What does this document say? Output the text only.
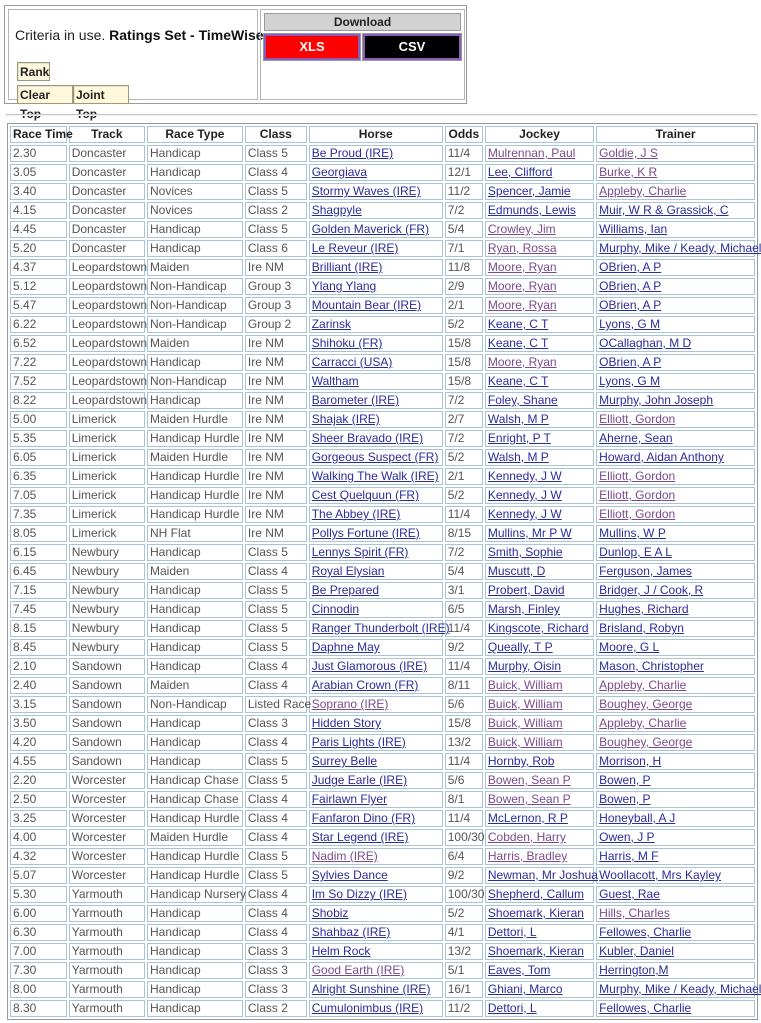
Criteria in use. Ratings Set - TimeWise
Rank
Clear Top
Joint Top
Download
XLS	CSV
Race Time	Track	Race Type	Class	Horse	Odds	Jockey	Trainer
2.30	Doncaster	Handicap	Class 5	Be Proud (IRE)	11/4	Mulrennan, Paul	Goldie, J S
3.05	Doncaster	Handicap	Class 4	Georgiava	12/1	Lee, Clifford	Burke, K R
3.40	Doncaster	Novices	Class 5	Stormy Waves (IRE)	11/2	Spencer, Jamie	Appleby, Charlie
4.15	Doncaster	Novices	Class 2	Shagpyle	7/2	Edmunds, Lewis	Muir, W R & Grassick, C
4.45	Doncaster	Handicap	Class 5	Golden Maverick (FR)	5/4	Crowley, Jim	Williams, Ian
5.20	Doncaster	Handicap	Class 6	Le Reveur (IRE)	7/1	Ryan, Rossa	Murphy, Mike / Keady, Michael
4.37	Leopardstown	Maiden	Ire NM	Brilliant (IRE)	11/8	Moore, Ryan	OBrien, A P
5.12	Leopardstown	Non-Handicap	Group 3	Ylang Ylang	2/9	Moore, Ryan	OBrien, A P
5.47	Leopardstown	Non-Handicap	Group 3	Mountain Bear (IRE)	2/1	Moore, Ryan	OBrien, A P
6.22	Leopardstown	Non-Handicap	Group 2	Zarinsk	5/2	Keane, C T	Lyons, G M
6.52	Leopardstown	Maiden	Ire NM	Shihoku (FR)	15/8	Keane, C T	OCallaghan, M D
7.22	Leopardstown	Handicap	Ire NM	Carracci (USA)	15/8	Moore, Ryan	OBrien, A P
7.52	Leopardstown	Non-Handicap	Ire NM	Waltham	15/8	Keane, C T	Lyons, G M
8.22	Leopardstown	Handicap	Ire NM	Barometer (IRE)	7/2	Foley, Shane	Murphy, John Joseph
5.00	Limerick	Maiden Hurdle	Ire NM	Shajak (IRE)	2/7	Walsh, M P	Elliott, Gordon
5.35	Limerick	Handicap Hurdle	Ire NM	Sheer Bravado (IRE)	7/2	Enright, P T	Aherne, Sean
6.05	Limerick	Maiden Hurdle	Ire NM	Gorgeous Suspect (FR)	5/2	Walsh, M P	Howard, Aidan Anthony
6.35	Limerick	Handicap Hurdle	Ire NM	Walking The Walk (IRE)	2/1	Kennedy, J W	Elliott, Gordon
7.05	Limerick	Handicap Hurdle	Ire NM	Cest Quelquun (FR)	5/2	Kennedy, J W	Elliott, Gordon
7.35	Limerick	Handicap Hurdle	Ire NM	The Abbey (IRE)	11/4	Kennedy, J W	Elliott, Gordon
8.05	Limerick	NH Flat	Ire NM	Pollys Fortune (IRE)	8/15	Mullins, Mr P W	Mullins, W P
6.15	Newbury	Handicap	Class 5	Lennys Spirit (FR)	7/2	Smith, Sophie	Dunlop, E A L
6.45	Newbury	Maiden	Class 4	Royal Elysian	5/4	Muscutt, D	Ferguson, James
7.15	Newbury	Handicap	Class 5	Be Prepared	3/1	Probert, David	Bridger, J / Cook, R
7.45	Newbury	Handicap	Class 5	Cinnodin	6/5	Marsh, Finley	Hughes, Richard
8.15	Newbury	Handicap	Class 5	Ranger Thunderbolt (IRE)	11/4	Kingscote, Richard	Brisland, Robyn
8.45	Newbury	Handicap	Class 5	Daphne May	9/2	Queally, T P	Moore, G L
2.10	Sandown	Handicap	Class 4	Just Glamorous (IRE)	11/4	Murphy, Oisin	Mason, Christopher
2.40	Sandown	Maiden	Class 4	Arabian Crown (FR)	8/11	Buick, William	Appleby, Charlie
3.15	Sandown	Non-Handicap	Listed Race	Soprano (IRE)	5/6	Buick, William	Boughey, George
3.50	Sandown	Handicap	Class 3	Hidden Story	15/8	Buick, William	Appleby, Charlie
4.20	Sandown	Handicap	Class 4	Paris Lights (IRE)	13/2	Buick, William	Boughey, George
4.55	Sandown	Handicap	Class 5	Surrey Belle	11/4	Hornby, Rob	Morrison, H
2.20	Worcester	Handicap Chase	Class 5	Judge Earle (IRE)	5/6	Bowen, Sean P	Bowen, P
2.50	Worcester	Handicap Chase	Class 4	Fairlawn Flyer	8/1	Bowen, Sean P	Bowen, P
3.25	Worcester	Handicap Hurdle	Class 4	Fanfaron Dino (FR)	11/4	McLernon, R P	Honeyball, A J
4.00	Worcester	Maiden Hurdle	Class 4	Star Legend (IRE)	100/30	Cobden, Harry	Owen, J P
4.32	Worcester	Handicap Hurdle	Class 5	Nadim (IRE)	6/4	Harris, Bradley	Harris, M F
5.07	Worcester	Handicap Hurdle	Class 5	Sylvies Dance	9/2	Newman, Mr Joshua	Woollacott, Mrs Kayley
5.30	Yarmouth	Handicap Nursery	Class 4	Im So Dizzy (IRE)	100/30	Shepherd, Callum	Guest, Rae
6.00	Yarmouth	Handicap	Class 4	Shobiz	5/2	Shoemark, Kieran	Hills, Charles
6.30	Yarmouth	Handicap	Class 4	Shahbaz (IRE)	4/1	Dettori, L	Fellowes, Charlie
7.00	Yarmouth	Handicap	Class 3	Helm Rock	13/2	Shoemark, Kieran	Kubler, Daniel
7.30	Yarmouth	Handicap	Class 3	Good Earth (IRE)	5/1	Eaves, Tom	Herrington,M
8.00	Yarmouth	Handicap	Class 3	Alright Sunshine (IRE)	16/1	Ghiani, Marco	Murphy, Mike / Keady, Michael
8.30	Yarmouth	Handicap	Class 2	Cumulonimbus (IRE)	11/2	Dettori, L	Fellowes, Charlie
